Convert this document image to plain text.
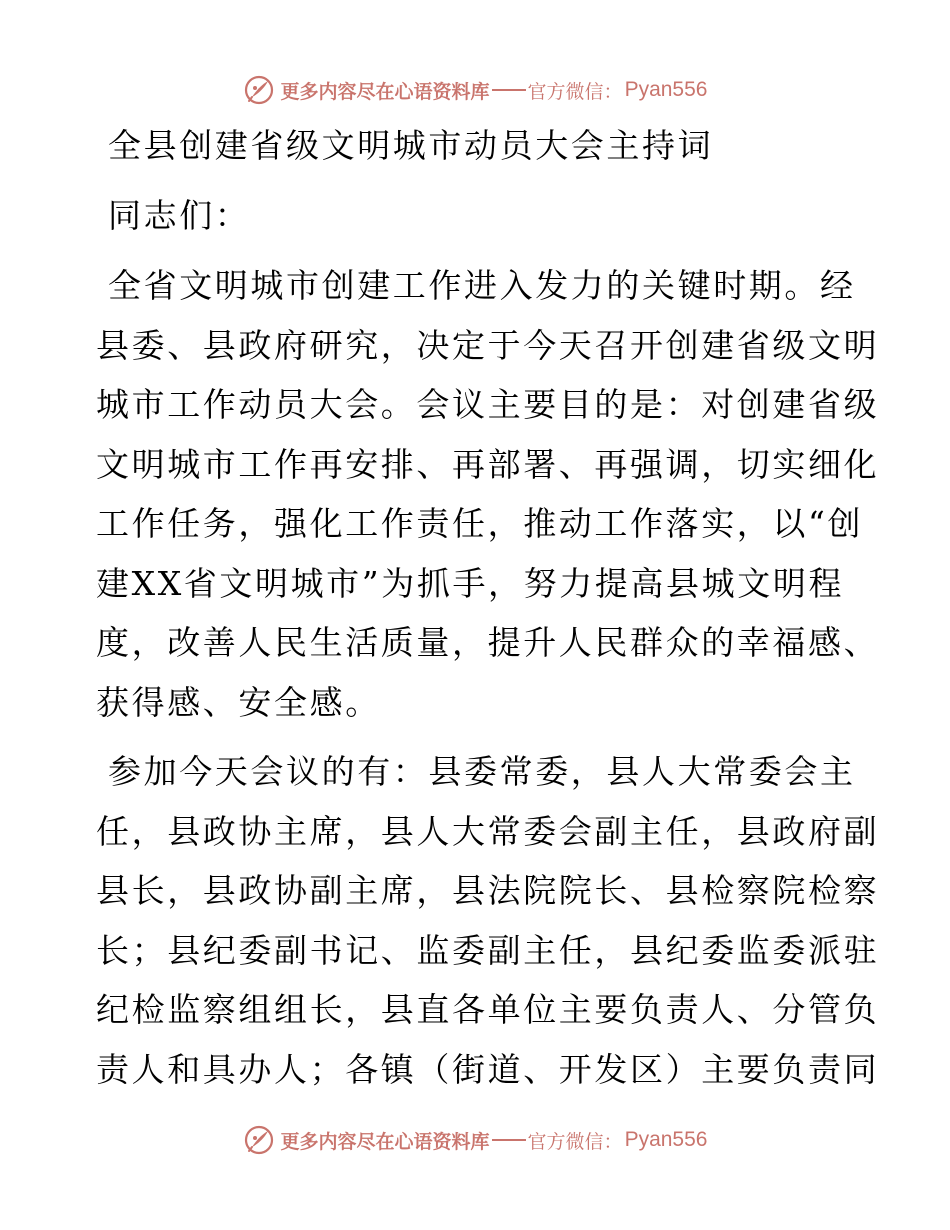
更多内容尽在心语资料库 官方微信： Pyan556
全县创建省级文明城市动员大会主持词
同志们：
全省文明城市创建工作进入发力的关键时期。经
县委、县政府研究，决定于今天召开创建省级文明
城市工作动员大会。会议主要目的是：对创建省级
文明城市工作再安排、再部署、再强调，切实细化
工作任务，强化工作责任，推动工作落实，以“创
建XX省文明城市”为抓手，努力提高县城文明程
度，改善人民生活质量，提升人民群众的幸福感、
获得感、安全感。
参加今天会议的有：县委常委，县人大常委会主
任，县政协主席，县人大常委会副主任，县政府副
县长，县政协副主席，县法院院长、县检察院检察
长；县纪委副书记、监委副主任，县纪委监委派驻
纪检监察组组长，县直各单位主要负责人、分管负
责人和具办人；各镇（街道、开发区）主要负责同
更多内容尽在心语资料库 官方微信： Pyan556
